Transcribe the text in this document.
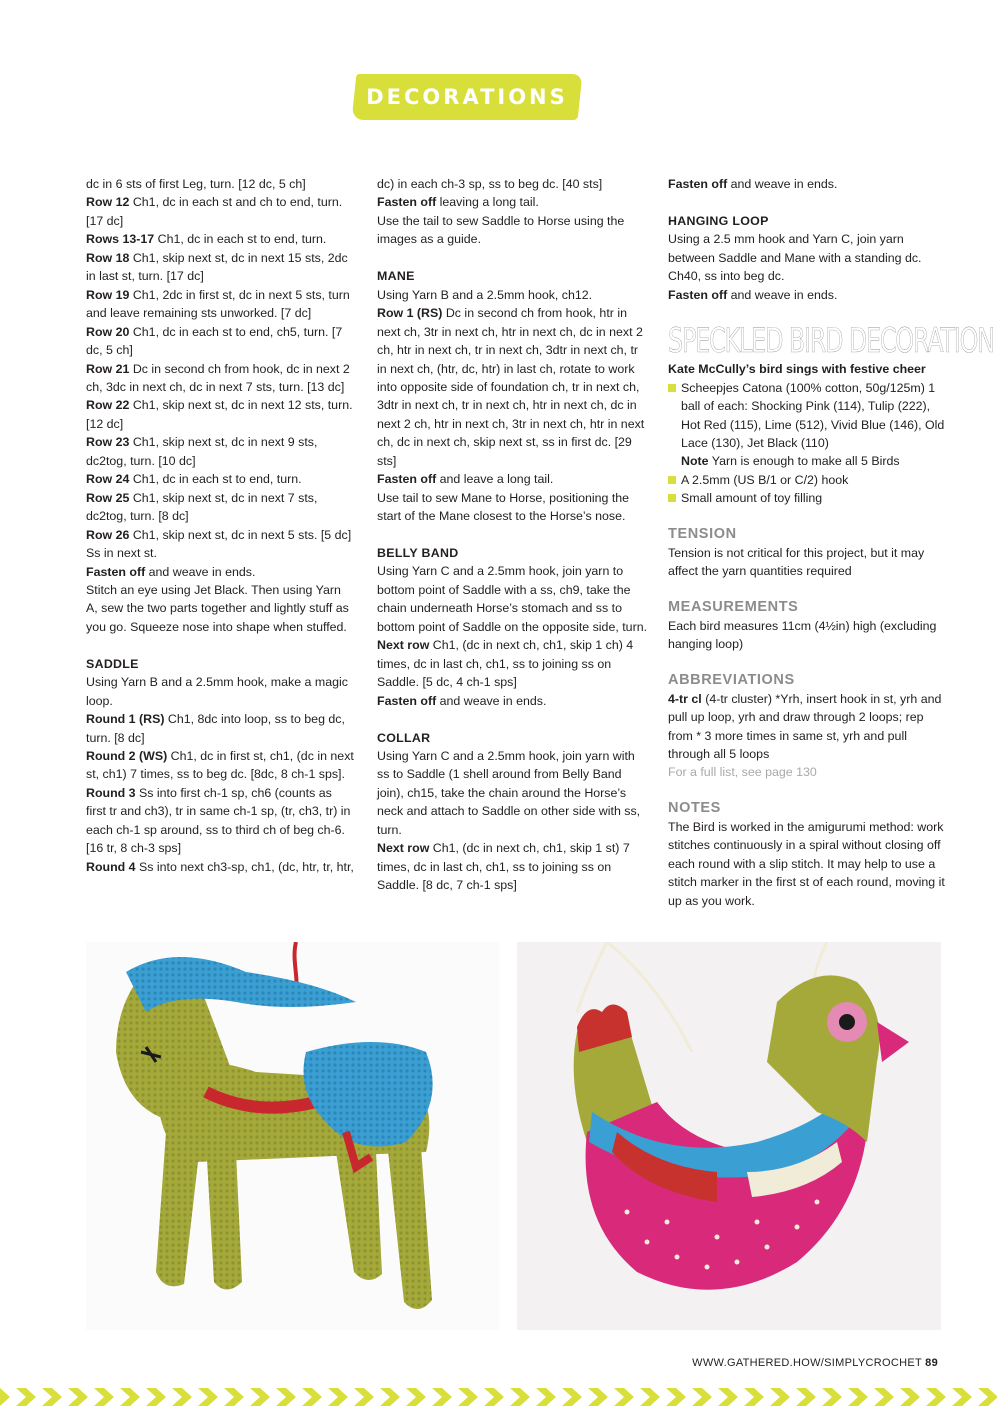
DECORATIONS

dc in 6 sts of first Leg, turn. [12 dc, 5 ch]

Row 12 Ch1, dc in each st and ch to end, turn. [17 dc]

Rows 13-17 Ch1, dc in each st to end, turn.

Row 18 Ch1, skip next st, dc in next 15 sts, 2dc in last st, turn. [17 dc]

Row 19 Ch1, 2dc in first st, dc in next 5 sts, turn and leave remaining sts unworked. [7 dc]

Row 20 Ch1, dc in each st to end, ch5, turn. [7 dc, 5 ch]

Row 21 Dc in second ch from hook, dc in next 2 ch, 3dc in next ch, dc in next 7 sts, turn. [13 dc]

Row 22 Ch1, skip next st, dc in next 12 sts, turn. [12 dc]

Row 23 Ch1, skip next st, dc in next 9 sts, dc2tog, turn. [10 dc]

Row 24 Ch1, dc in each st to end, turn.

Row 25 Ch1, skip next st, dc in next 7 sts, dc2tog, turn. [8 dc]

Row 26 Ch1, skip next st, dc in next 5 sts. [5 dc] Ss in next st.

Fasten off and weave in ends.

Stitch an eye using Jet Black. Then using Yarn A, sew the two parts together and lightly stuff as you go. Squeeze nose into shape when stuffed.

SADDLE

Using Yarn B and a 2.5mm hook, make a magic loop.

Round 1 (RS) Ch1, 8dc into loop, ss to beg dc, turn. [8 dc]

Round 2 (WS) Ch1, dc in first st, ch1, (dc in next st, ch1) 7 times, ss to beg dc. [8dc, 8 ch-1 sps].

Round 3 Ss into first ch-1 sp, ch6 (counts as first tr and ch3), tr in same ch-1 sp, (tr, ch3, tr) in each ch-1 sp around, ss to third ch of beg ch-6. [16 tr, 8 ch-3 sps]

Round 4 Ss into next ch3-sp, ch1, (dc, htr, tr, htr,

dc) in each ch-3 sp, ss to beg dc. [40 sts]

Fasten off leaving a long tail.

Use the tail to sew Saddle to Horse using the images as a guide.

MANE

Using Yarn B and a 2.5mm hook, ch12.

Row 1 (RS) Dc in second ch from hook, htr in next ch, 3tr in next ch, htr in next ch, dc in next 2 ch, htr in next ch, tr in next ch, 3dtr in next ch, tr in next ch, (htr, dc, htr) in last ch, rotate to work into opposite side of foundation ch, tr in next ch, 3dtr in next ch, tr in next ch, htr in next ch, dc in next 2 ch, htr in next ch, 3tr in next ch, htr in next ch, dc in next ch, skip next st, ss in first dc. [29 sts]

Fasten off and leave a long tail.

Use tail to sew Mane to Horse, positioning the start of the Mane closest to the Horse’s nose.

BELLY BAND

Using Yarn C and a 2.5mm hook, join yarn to bottom point of Saddle with a ss, ch9, take the chain underneath Horse’s stomach and ss to bottom point of Saddle on the opposite side, turn.

Next row Ch1, (dc in next ch, ch1, skip 1 ch) 4 times, dc in last ch, ch1, ss to joining ss on Saddle. [5 dc, 4 ch-1 sps]

Fasten off and weave in ends.

COLLAR

Using Yarn C and a 2.5mm hook, join yarn with ss to Saddle (1 shell around from Belly Band join), ch15, take the chain around the Horse’s neck and attach to Saddle on other side with ss, turn.

Next row Ch1, (dc in next ch, ch1, skip 1 st) 7 times, dc in last ch, ch1, ss to joining ss on Saddle. [8 dc, 7 ch-1 sps]

Fasten off and weave in ends.

HANGING LOOP

Using a 2.5 mm hook and Yarn C, join yarn between Saddle and Mane with a standing dc. Ch40, ss into beg dc.

Fasten off and weave in ends.

SPECKLED BIRD DECORATION

Kate McCully’s bird sings with festive cheer

Scheepjes Catona (100% cotton, 50g/125m) 1 ball of each: Shocking Pink (114), Tulip (222), Hot Red (115), Lime (512), Vivid Blue (146), Old Lace (130), Jet Black (110)
Note Yarn is enough to make all 5 Birds
A 2.5mm (US B/1 or C/2) hook
Small amount of toy filling
TENSION

Tension is not critical for this project, but it may affect the yarn quantities required

MEASUREMENTS

Each bird measures 11cm (4½in) high (excluding hanging loop)

ABBREVIATIONS

4-tr cl (4-tr cluster) *Yrh, insert hook in st, yrh and pull up loop, yrh and draw through 2 loops; rep from * 3 more times in same st, yrh and pull through all 5 loops

For a full list, see page 130

NOTES

The Bird is worked in the amigurumi method: work stitches continuously in a spiral without closing off each round with a slip stitch. It may help to use a stitch marker in the first st of each round, moving it up as you work.

WWW.GATHERED.HOW/SIMPLYCROCHET 89
